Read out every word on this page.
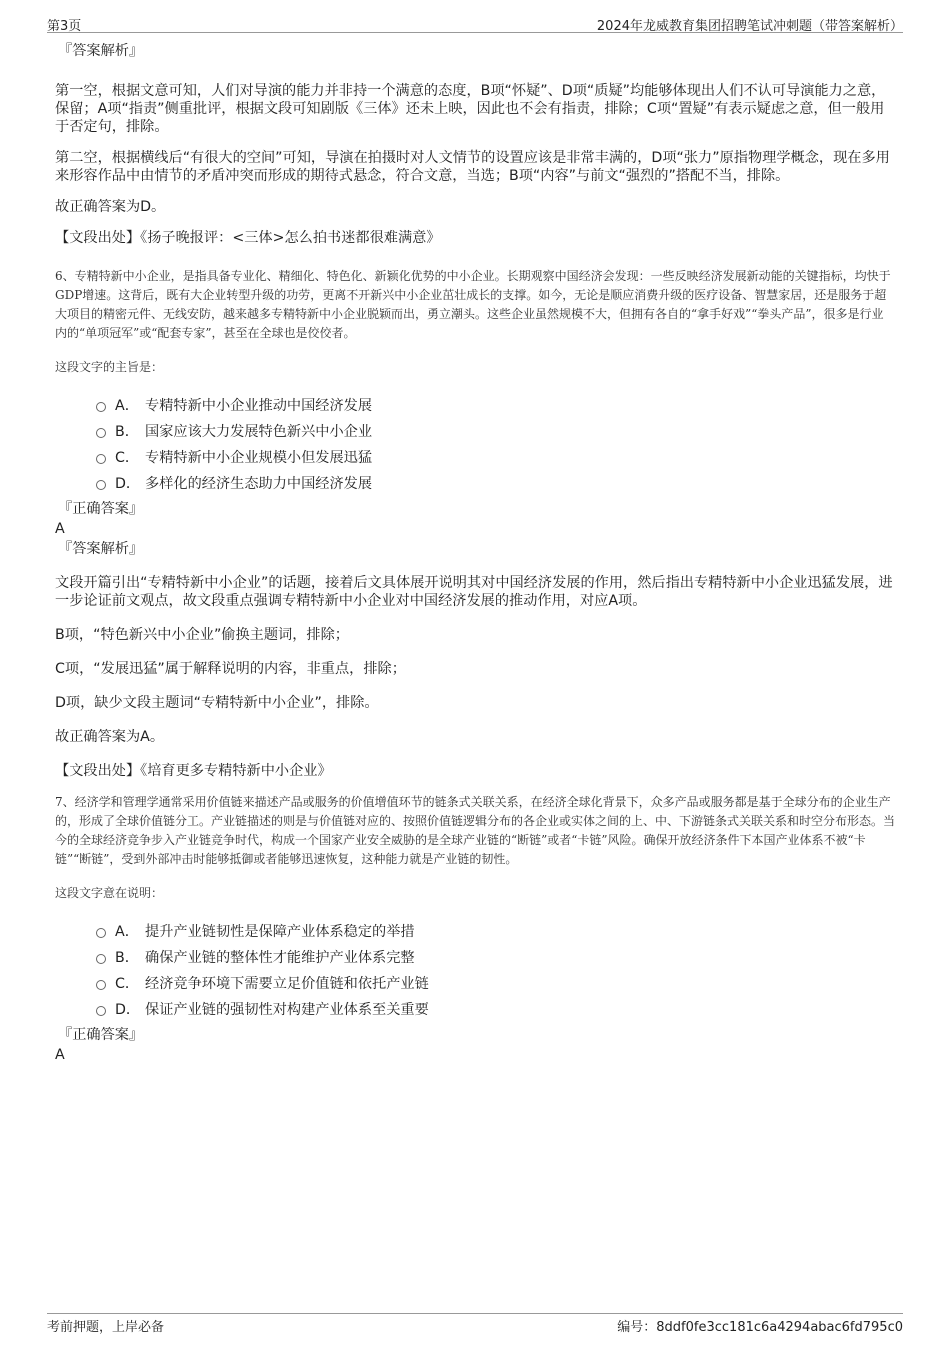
第3页	2024年龙威教育集团招聘笔试冲刺题（带答案解析）

『答案解析』

第一空，根据文意可知，人们对导演的能力并非持一个满意的态度，B项“怀疑”、D项“质疑”均能够体现出人们不认可导演能力之意，保留；A项“指责”侧重批评，根据文段可知剧版《三体》还未上映，因此也不会有指责，排除；C项“置疑”有表示疑虑之意，但一般用于否定句，排除。

第二空，根据横线后“有很大的空间”可知，导演在拍摄时对人文情节的设置应该是非常丰满的，D项“张力”原指物理学概念，现在多用来形容作品中由情节的矛盾冲突而形成的期待式悬念，符合文意，当选；B项“内容”与前文“强烈的”搭配不当，排除。

故正确答案为D。

【文段出处】《扬子晚报评：<三体>怎么拍书迷都很难满意》

6、专精特新中小企业，是指具备专业化、精细化、特色化、新颖化优势的中小企业。长期观察中国经济会发现：一些反映经济发展新动能的关键指标，均快于GDP增速。这背后，既有大企业转型升级的功劳，更离不开新兴中小企业茁壮成长的支撑。如今，无论是顺应消费升级的医疗设备、智慧家居，还是服务于超大项目的精密元件、无线安防，越来越多专精特新中小企业脱颖而出，勇立潮头。这些企业虽然规模不大，但拥有各自的“拿手好戏”“拳头产品”，很多是行业内的“单项冠军”或“配套专家”，甚至在全球也是佼佼者。

这段文字的主旨是：

A． 专精特新中小企业推动中国经济发展
B． 国家应该大力发展特色新兴中小企业
C． 专精特新中小企业规模小但发展迅猛
D． 多样化的经济生态助力中国经济发展

『正确答案』

A

『答案解析』

文段开篇引出“专精特新中小企业”的话题，接着后文具体展开说明其对中国经济发展的作用，然后指出专精特新中小企业迅猛发展，进一步论证前文观点，故文段重点强调专精特新中小企业对中国经济发展的推动作用，对应A项。

B项，“特色新兴中小企业”偷换主题词，排除；

C项，“发展迅猛”属于解释说明的内容，非重点，排除；

D项，缺少文段主题词“专精特新中小企业”，排除。

故正确答案为A。

【文段出处】《培育更多专精特新中小企业》

7、经济学和管理学通常采用价值链来描述产品或服务的价值增值环节的链条式关联关系，在经济全球化背景下，众多产品或服务都是基于全球分布的企业生产的，形成了全球价值链分工。产业链描述的则是与价值链对应的、按照价值链逻辑分布的各企业或实体之间的上、中、下游链条式关联关系和时空分布形态。当今的全球经济竞争步入产业链竞争时代，构成一个国家产业安全威胁的是全球产业链的“断链”或者“卡链”风险。确保开放经济条件下本国产业体系不被“卡链”“断链”，受到外部冲击时能够抵御或者能够迅速恢复，这种能力就是产业链的韧性。

这段文字意在说明：

A． 提升产业链韧性是保障产业体系稳定的举措
B． 确保产业链的整体性才能维护产业体系完整
C． 经济竞争环境下需要立足价值链和依托产业链
D． 保证产业链的强韧性对构建产业体系至关重要

『正确答案』

A

考前押题，上岸必备	编号：8ddf0fe3cc181c6a4294abac6fd795c0
